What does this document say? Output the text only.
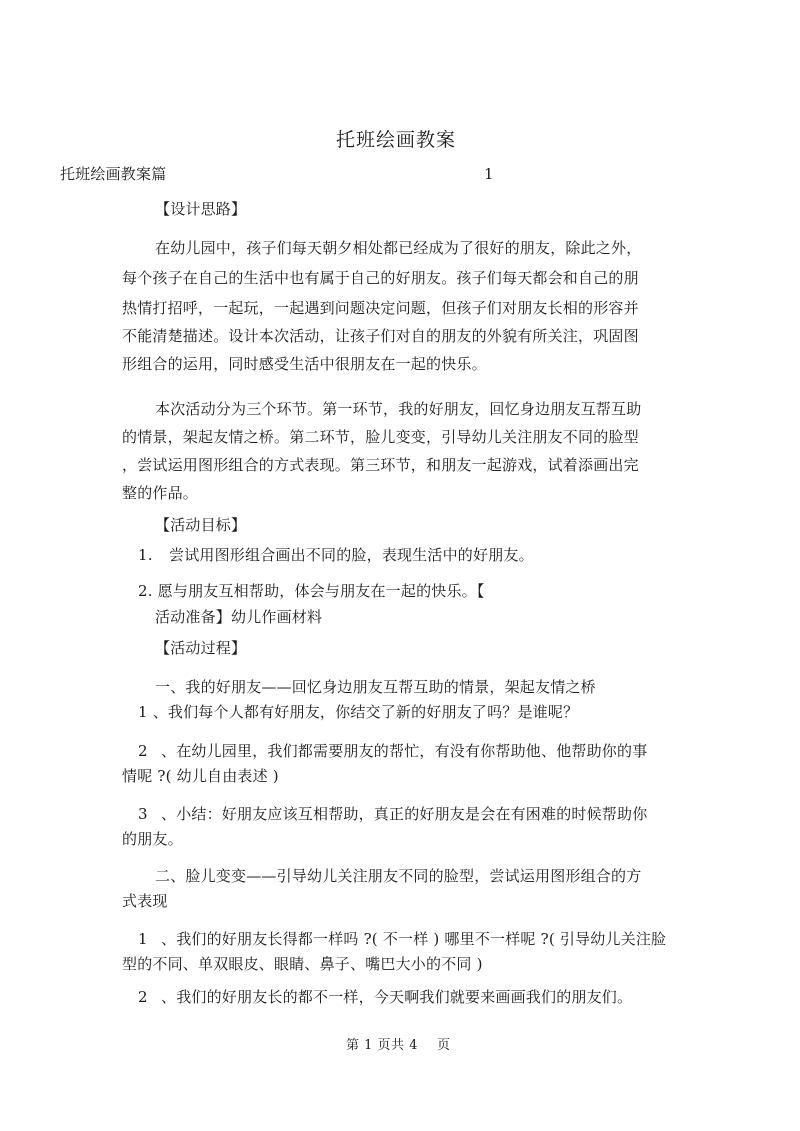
托班绘画教案
托班绘画教案篇	1
【设计思路】
在幼儿园中，孩子们每天朝夕相处都已经成为了很好的朋友，除此之外，
每个孩子在自己的生活中也有属于自己的好朋友。孩子们每天都会和自己的朋
热情打招呼，一起玩，一起遇到问题决定问题，但孩子们对朋友长相的形容并
不能清楚描述。设计本次活动，让孩子们对自的朋友的外貌有所关注，巩固图
形组合的运用，同时感受生活中很朋友在一起的快乐。
本次活动分为三个环节。第一环节，我的好朋友，回忆身边朋友互帮互助
的情景，架起友情之桥。第二环节，脸儿变变，引导幼儿关注朋友不同的脸型
，尝试运用图形组合的方式表现。第三环节，和朋友一起游戏，试着添画出完
整的作品。
【活动目标】
1. 尝试用图形组合画出不同的脸，表现生活中的好朋友。
2. 愿与朋友互相帮助，体会与朋友在一起的快乐。【
活动准备】幼儿作画材料
【活动过程】
一、我的好朋友——回忆身边朋友互帮互助的情景，架起友情之桥
1 、我们每个人都有好朋友，你结交了新的好朋友了吗？是谁呢？
2 、在幼儿园里，我们都需要朋友的帮忙，有没有你帮助他、他帮助你的事
情呢 ?( 幼儿自由表述 )
3 、小结：好朋友应该互相帮助，真正的好朋友是会在有困难的时候帮助你
的朋友。
二、脸儿变变——引导幼儿关注朋友不同的脸型，尝试运用图形组合的方
式表现
1 、我们的好朋友长得都一样吗 ?( 不一样 ) 哪里不一样呢 ?( 引导幼儿关注脸
型的不同、单双眼皮、眼睛、鼻子、嘴巴大小的不同 )
2 、我们的好朋友长的都不一样，今天啊我们就要来画画我们的朋友们。
第 1 页共 4 页
